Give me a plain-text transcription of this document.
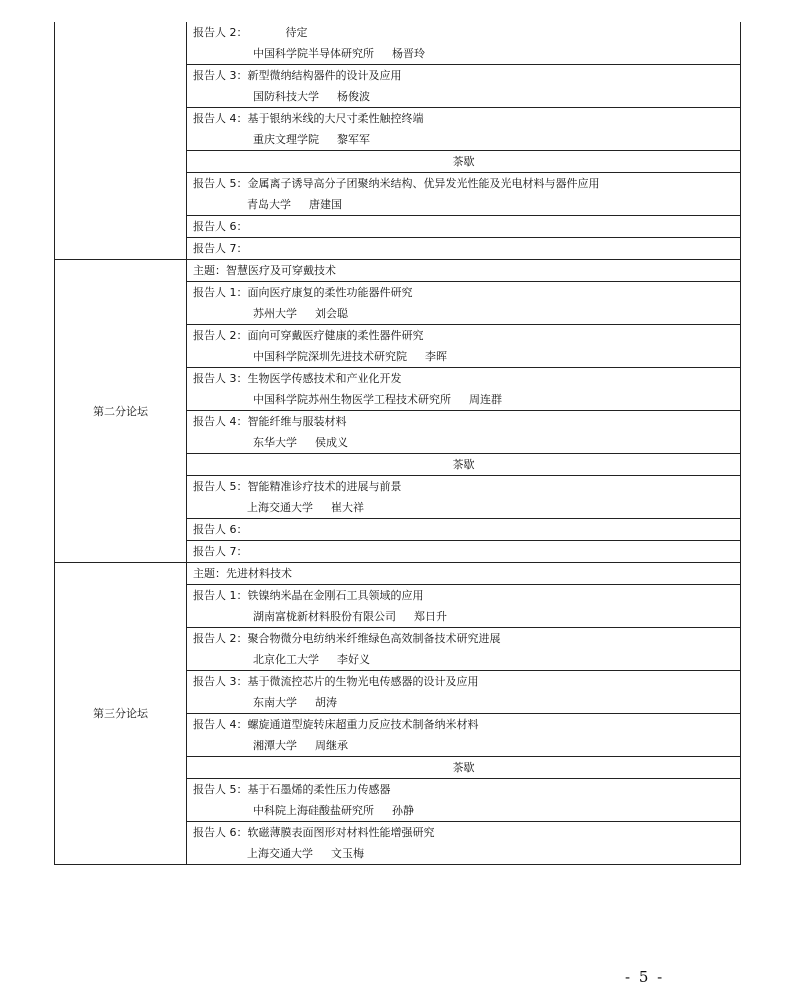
	报告人 2： 待定
中国科学院半导体研究所 杨晋玲

	报告人 3：新型微纳结构器件的设计及应用
国防科技大学 杨俊波

	报告人 4：基于银纳米线的大尺寸柔性触控终端
重庆文理学院 黎军军

	茶歇

	报告人 5：金属离子诱导高分子团聚纳米结构、优异发光性能及光电材料与器件应用
青岛大学 唐建国

	报告人 6：
	报告人 7：
第二分论坛	主题：智慧医疗及可穿戴技术

	报告人 1：面向医疗康复的柔性功能器件研究
苏州大学 刘会聪

	报告人 2：面向可穿戴医疗健康的柔性器件研究
中国科学院深圳先进技术研究院 李晖

	报告人 3：生物医学传感技术和产业化开发
中国科学院苏州生物医学工程技术研究所 周连群

	报告人 4：智能纤维与服装材料
东华大学 侯成义

	茶歇

	报告人 5：智能精准诊疗技术的进展与前景
上海交通大学 崔大祥

	报告人 6：
	报告人 7：
第三分论坛	主题：先进材料技术

	报告人 1：铁镍纳米晶在金刚石工具领域的应用
湖南富栊新材料股份有限公司 郑日升

	报告人 2：聚合物微分电纺纳米纤维绿色高效制备技术研究进展
北京化工大学 李好义

	报告人 3：基于微流控芯片的生物光电传感器的设计及应用
东南大学 胡涛

	报告人 4：螺旋通道型旋转床超重力反应技术制备纳米材料
湘潭大学 周继承

	茶歇

	报告人 5：基于石墨烯的柔性压力传感器
中科院上海硅酸盐研究所 孙静

	报告人 6：软磁薄膜表面图形对材料性能增强研究
上海交通大学 文玉梅
- 5 -
